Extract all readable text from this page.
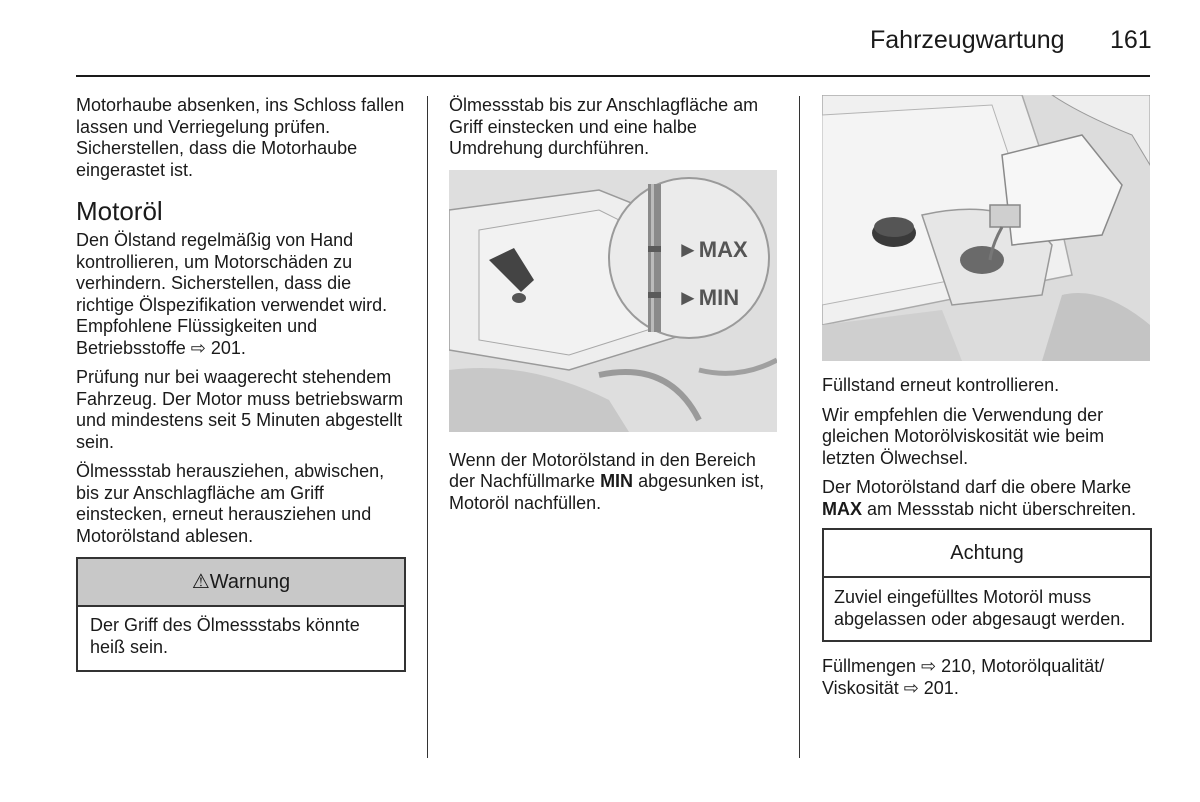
Fahrzeugwartung 161

Motorhaube absenken, ins Schloss fallen lassen und Verriegelung prüfen. Sicherstellen, dass die Motorhaube eingerastet ist.

Motoröl

Den Ölstand regelmäßig von Hand kontrollieren, um Motorschäden zu verhindern. Sicherstellen, dass die richtige Ölspezifikation verwendet wird. Empfohlene Flüssigkeiten und Betriebsstoffe ⇨ 201.

Prüfung nur bei waagerecht stehendem Fahrzeug. Der Motor muss betriebswarm und mindestens seit 5 Minuten abgestellt sein.

Ölmessstab herausziehen, abwischen, bis zur Anschlagfläche am Griff einstecken, erneut herausziehen und Motorölstand ablesen.

⚠Warnung
Der Griff des Ölmessstabs könnte heiß sein.

Ölmessstab bis zur Anschlagfläche am Griff einstecken und eine halbe Umdrehung durchführen.

►MAX
►MIN

Wenn der Motorölstand in den Bereich der Nachfüllmarke MIN abgesunken ist, Motoröl nachfüllen.

Füllstand erneut kontrollieren.

Wir empfehlen die Verwendung der gleichen Motorölviskosität wie beim letzten Ölwechsel.

Der Motorölstand darf die obere Marke MAX am Messstab nicht überschreiten.

Achtung
Zuviel eingefülltes Motoröl muss abgelassen oder abgesaugt werden.

Füllmengen ⇨ 210, Motorölqualität/ Viskosität ⇨ 201.
